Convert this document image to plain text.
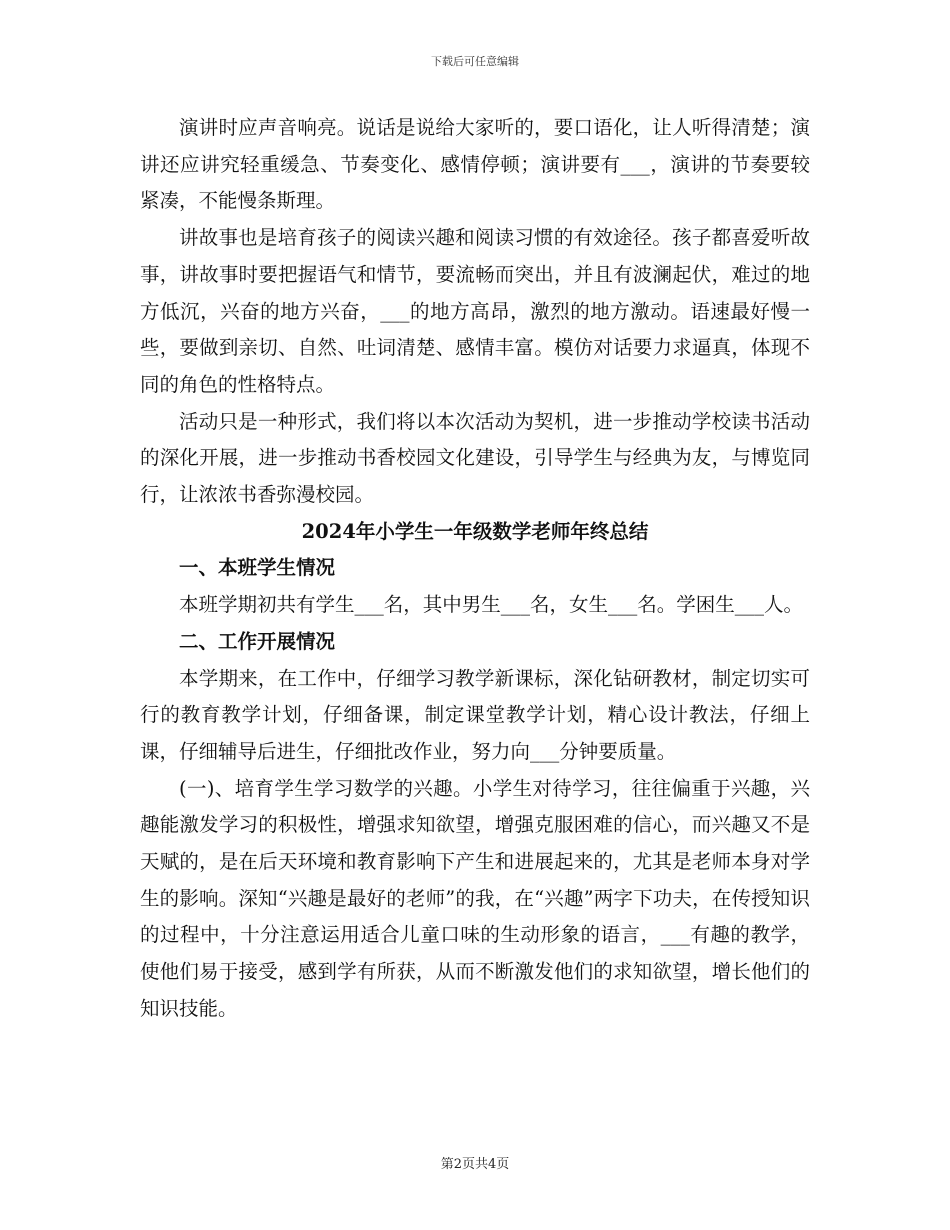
下载后可任意编辑

演讲时应声音响亮。说话是说给大家听的，要口语化，让人听得清楚；演讲还应讲究轻重缓急、节奏变化、感情停顿；演讲要有___，演讲的节奏要较紧凑，不能慢条斯理。

讲故事也是培育孩子的阅读兴趣和阅读习惯的有效途径。孩子都喜爱听故事，讲故事时要把握语气和情节，要流畅而突出，并且有波澜起伏，难过的地方低沉，兴奋的地方兴奋，___的地方高昂，激烈的地方激动。语速最好慢一些，要做到亲切、自然、吐词清楚、感情丰富。模仿对话要力求逼真，体现不同的角色的性格特点。

活动只是一种形式，我们将以本次活动为契机，进一步推动学校读书活动的深化开展，进一步推动书香校园文化建设，引导学生与经典为友，与博览同行，让浓浓书香弥漫校园。

2024年小学生一年级数学老师年终总结

一、本班学生情况

本班学期初共有学生___名，其中男生___名，女生___名。学困生___人。

二、工作开展情况

本学期来，在工作中，仔细学习教学新课标，深化钻研教材，制定切实可行的教育教学计划，仔细备课，制定课堂教学计划，精心设计教法，仔细上课，仔细辅导后进生，仔细批改作业，努力向___分钟要质量。

(一)、培育学生学习数学的兴趣。小学生对待学习，往往偏重于兴趣，兴趣能激发学习的积极性，增强求知欲望，增强克服困难的信心，而兴趣又不是天赋的，是在后天环境和教育影响下产生和进展起来的，尤其是老师本身对学生的影响。深知“兴趣是最好的老师”的我，在“兴趣”两字下功夫，在传授知识的过程中，十分注意运用适合儿童口味的生动形象的语言，___有趣的教学，使他们易于接受，感到学有所获，从而不断激发他们的求知欲望，增长他们的知识技能。

第2页共4页
